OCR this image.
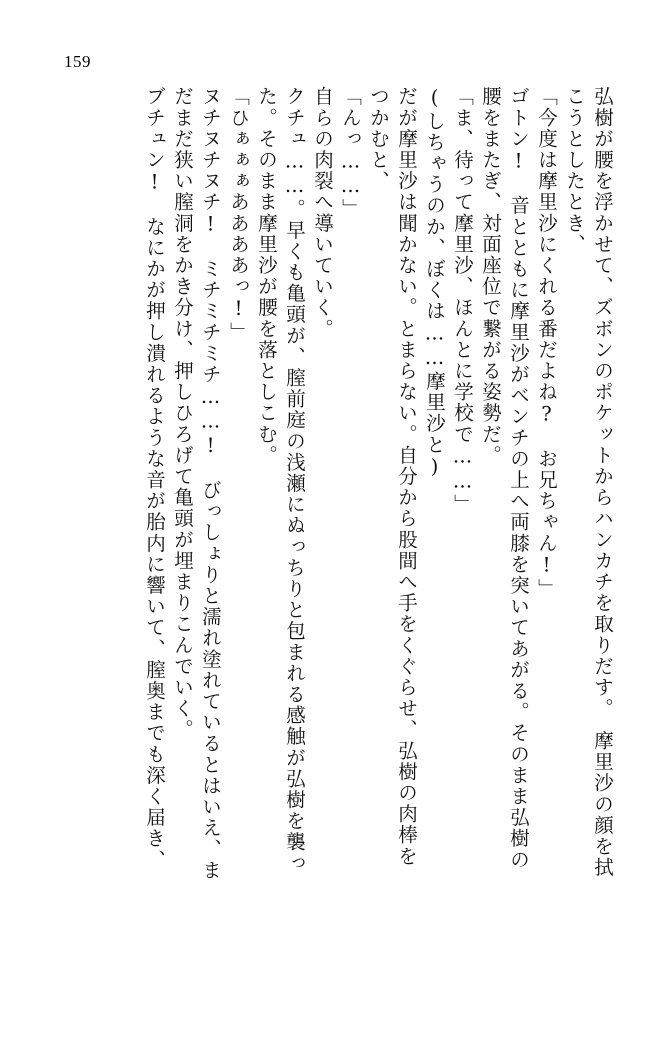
159
弘樹が腰を浮かせて、ズボンのポケットからハンカチを取りだす。　摩里沙の顔を拭
こうとしたとき、
「今度は摩里沙にくれる番だよね?　お兄ちゃん!」
ゴトン!　音とともに摩里沙がベンチの上へ両膝を突いてあがる。そのまま弘樹の
腰をまたぎ、対面座位で繋がる姿勢だ。
「ま、待って摩里沙、ほんとに学校で……」
(しちゃうのか、ぼくは……摩里沙と)
だが摩里沙は聞かない。とまらない。自分から股間へ手をくぐらせ、弘樹の肉棒を
つかむと、
「んっ……」
自らの肉裂へ導いていく。
クチュ……。早くも亀頭が、膣前庭の浅瀬にぬっちりと包まれる感触が弘樹を襲っ
た。そのまま摩里沙が腰を落としこむ。
「ひぁぁぁああああっ!」
ヌチヌチヌチ!　ミチミチミチ……!　びっしょりと濡れ塗れているとはいえ、ま
だまだ狭い膣洞をかき分け、押しひろげて亀頭が埋まりこんでいく。
ブチュン!　なにかが押し潰れるような音が胎内に響いて、膣奥までも深く届き、
